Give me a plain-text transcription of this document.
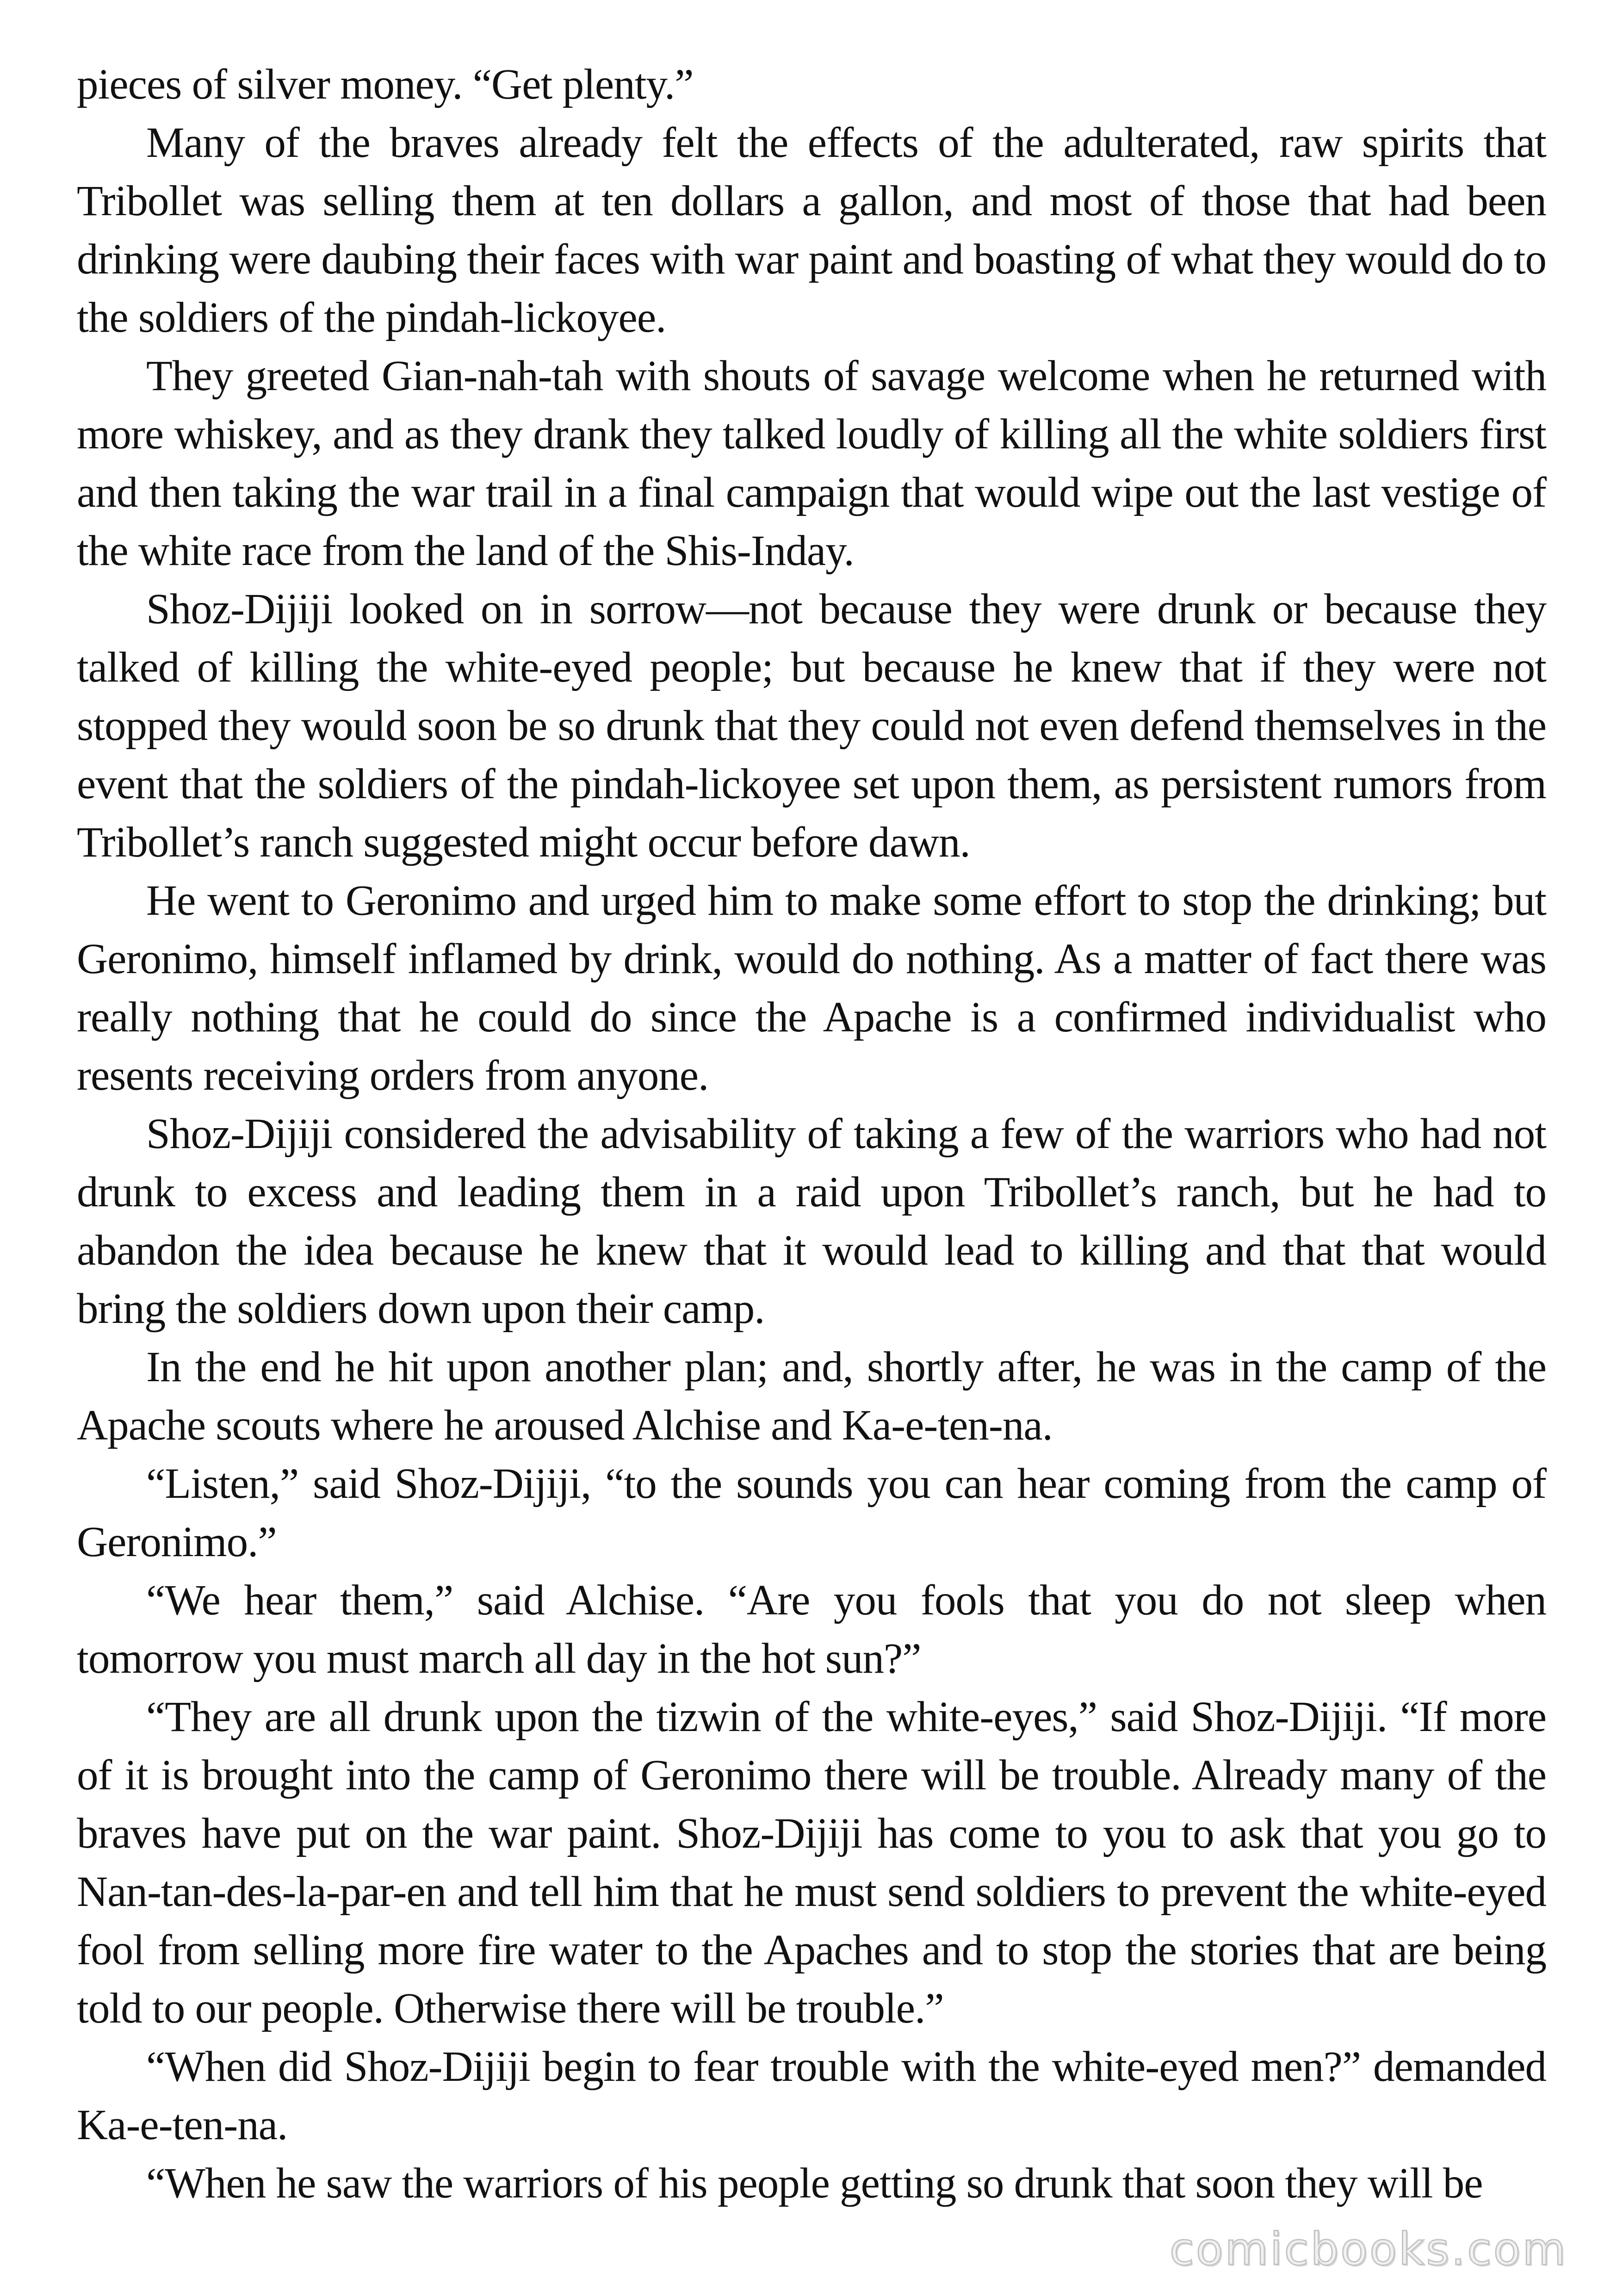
pieces of silver money. “Get plenty.”

Many of the braves already felt the effects of the adulterated, raw spirits that Tribollet was selling them at ten dollars a gallon, and most of those that had been drinking were daubing their faces with war paint and boasting of what they would do to the soldiers of the pindah-lickoyee.

They greeted Gian-nah-tah with shouts of savage welcome when he returned with more whiskey, and as they drank they talked loudly of killing all the white soldiers first and then taking the war trail in a final campaign that would wipe out the last vestige of the white race from the land of the Shis-Inday.

Shoz-Dijiji looked on in sorrow—not because they were drunk or because they talked of killing the white-eyed people; but because he knew that if they were not stopped they would soon be so drunk that they could not even defend themselves in the event that the soldiers of the pindah-lickoyee set upon them, as persistent rumors from Tribollet’s ranch suggested might occur before dawn.

He went to Geronimo and urged him to make some effort to stop the drinking; but Geronimo, himself inflamed by drink, would do nothing. As a matter of fact there was really nothing that he could do since the Apache is a confirmed individualist who resents receiving orders from anyone.

Shoz-Dijiji considered the advisability of taking a few of the warriors who had not drunk to excess and leading them in a raid upon Tribollet’s ranch, but he had to abandon the idea because he knew that it would lead to killing and that that would bring the soldiers down upon their camp.

In the end he hit upon another plan; and, shortly after, he was in the camp of the Apache scouts where he aroused Alchise and Ka-e-ten-na.

“Listen,” said Shoz-Dijiji, “to the sounds you can hear coming from the camp of Geronimo.”

“We hear them,” said Alchise. “Are you fools that you do not sleep when tomorrow you must march all day in the hot sun?”

“They are all drunk upon the tizwin of the white-eyes,” said Shoz-Dijiji. “If more of it is brought into the camp of Geronimo there will be trouble. Already many of the braves have put on the war paint. Shoz-Dijiji has come to you to ask that you go to Nan-tan-des-la-par-en and tell him that he must send soldiers to prevent the white-eyed fool from selling more fire water to the Apaches and to stop the stories that are being told to our people. Otherwise there will be trouble.”

“When did Shoz-Dijiji begin to fear trouble with the white-eyed men?” demanded Ka-e-ten-na.

“When he saw the warriors of his people getting so drunk that soon they will be

comicbooks.com
